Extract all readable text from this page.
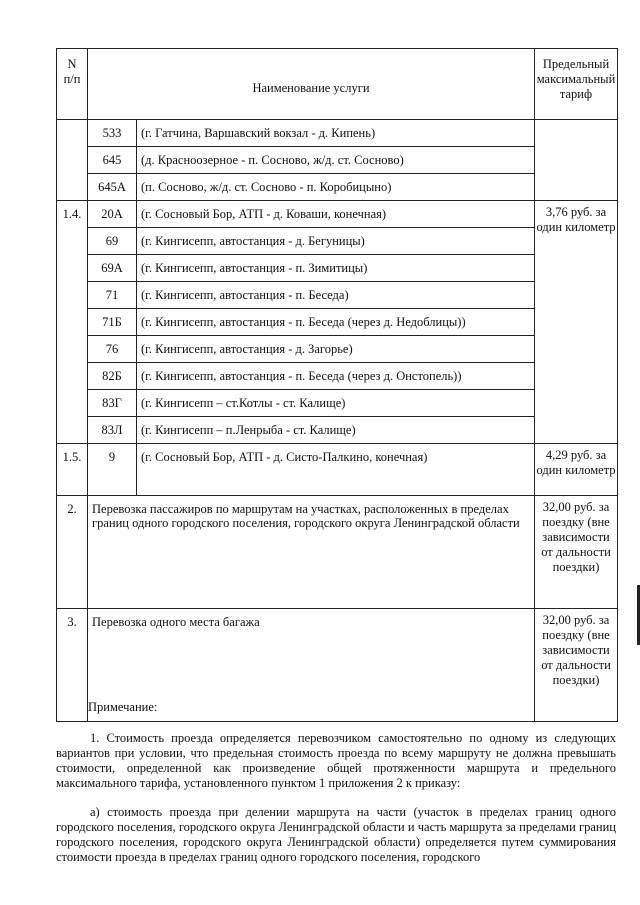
N
п/п	Наименование услуги		Предельный максимальный тариф
	533	(г. Гатчина, Варшавский вокзал - д. Кипень)	
	645	(д. Красноозерное - п. Сосново, ж/д. ст. Сосново)	
	645А	(п. Сосново, ж/д. ст. Сосново - п. Коробицыно)	

1.4.	20А	(г. Сосновый Бор, АТП - д. Коваши, конечная)	3,76 руб. за один километр

	69	(г. Кингисепп, автостанция - д. Бегуницы)	
	69А	(г. Кингисепп, автостанция - п. Зимитицы)	
	71	(г. Кингисепп, автостанция - п. Беседа)	
	71Б	(г. Кингисепп, автостанция - п. Беседа (через д. Недоблицы))	
	76	(г. Кингисепп, автостанция - д. Загорье)	
	82Б	(г. Кингисепп, автостанция - п. Беседа (через д. Онстопель))	
	83Г	(г. Кингисепп – ст.Котлы - ст. Калище)	
	83Л	(г. Кингисепп – п.Ленрыба - ст. Калище)	

1.5.	9	(г. Сосновый Бор, АТП - д. Систо-Палкино, конечная)	4,29 руб. за один километр

2.	Перевозка пассажиров по маршрутам на участках, расположенных в пределах границ одного городского поселения, городского округа Ленинградской области		32,00 руб. за поездку (вне зависимости от дальности поездки)

3.	Перевозка одного места багажа		32,00 руб. за поездку (вне зависимости от дальности поездки)

Примечание:

1. Стоимость проезда определяется перевозчиком самостоятельно по одному из следующих вариантов при условии, что предельная стоимость проезда по всему маршруту не должна превышать стоимости, определенной как произведение общей протяженности маршрута и предельного максимального тарифа, установленного пунктом 1 приложения 2 к приказу:

а) стоимость проезда при делении маршрута на части (участок в пределах границ одного городского поселения, городского округа Ленинградской области и часть маршрута за пределами границ городского поселения, городского округа Ленинградской области) определяется путем суммирования стоимости проезда в пределах границ одного городского поселения, городского
